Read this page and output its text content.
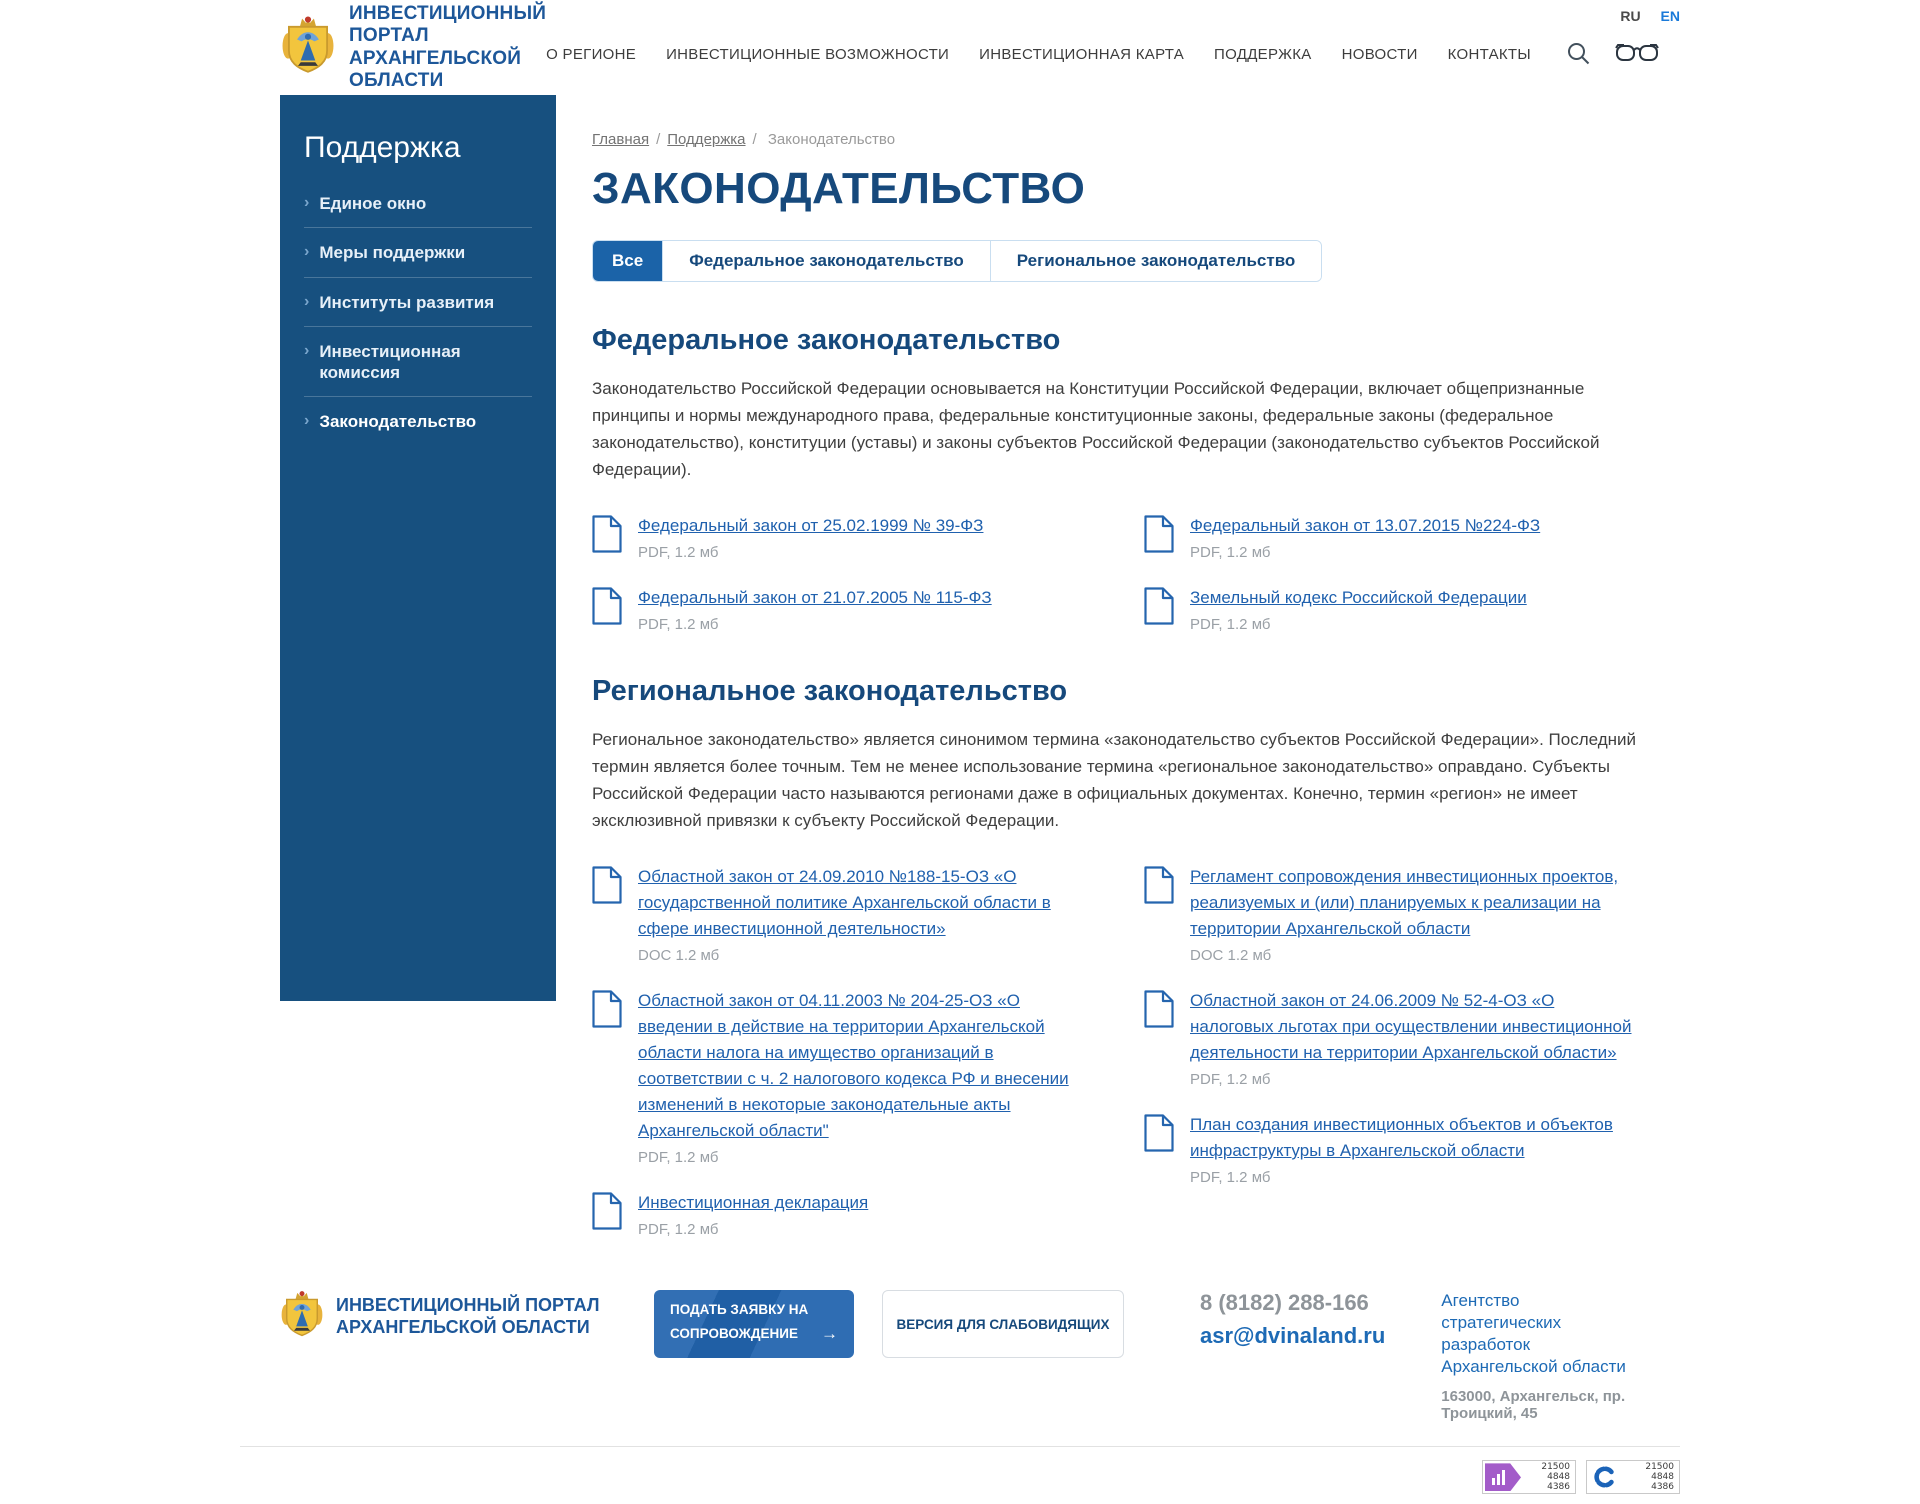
ИНВЕСТИЦИОННЫЙ ПОРТАЛ
АРХАНГЕЛЬСКОЙ ОБЛАСТИ
О РЕГИОНЕ ИНВЕСТИЦИОННЫЕ ВОЗМОЖНОСТИ ИНВЕСТИЦИОННАЯ КАРТА ПОДДЕРЖКА НОВОСТИ КОНТАКТЫ
RU EN
Поддержка
› Единое окно
› Меры поддержки
› Институты развития
› Инвестиционная комиссия
› Законодательство
Главная / Поддержка / Законодательство
ЗАКОНОДАТЕЛЬСТВО
Все	Федеральное законодательство	Региональное законодательство
Федеральное законодательство

Законодательство Российской Федерации основывается на Конституции Российской Федерации, включает общепризнанные принципы и нормы международного права, федеральные конституционные законы, федеральные законы (федеральное законодательство), конституции (уставы) и законы субъектов Российской Федерации (законодательство субъектов Российской Федерации).

Федеральный закон от 25.02.1999 № 39-ФЗ
PDF, 1.2 мб
Федеральный закон от 21.07.2005 № 115-ФЗ
PDF, 1.2 мб
Федеральный закон от 13.07.2015 №224-ФЗ
PDF, 1.2 мб
Земельный кодекс Российской Федерации
PDF, 1.2 мб
Региональное законодательство

Региональное законодательство» является синонимом термина «законодательство субъектов Российской Федерации». Последний термин является более точным. Тем не менее использование термина «региональное законодательство» оправдано. Субъекты Российской Федерации часто называются регионами даже в официальных документах. Конечно, термин «регион» не имеет эксклюзивной привязки к субъекту Российской Федерации.

Областной закон от 24.09.2010 №188-15-ОЗ «О государственной политике Архангельской области в сфере инвестиционной деятельности»
DOC 1.2 мб
Областной закон от 04.11.2003 № 204-25-ОЗ «О введении в действие на территории Архангельской области налога на имущество организаций в соответствии с ч. 2 налогового кодекса РФ и внесении изменений в некоторые законодательные акты Архангельской области"
PDF, 1.2 мб
Инвестиционная декларация
PDF, 1.2 мб
Регламент сопровождения инвестиционных проектов, реализуемых и (или) планируемых к реализации на территории Архангельской области
DOC 1.2 мб
Областной закон от 24.06.2009 № 52-4-ОЗ «О налоговых льготах при осуществлении инвестиционной деятельности на территории Архангельской области»
PDF, 1.2 мб
План создания инвестиционных объектов и объектов инфраструктуры в Архангельской области
PDF, 1.2 мб
ИНВЕСТИЦИОННЫЙ ПОРТАЛ
АРХАНГЕЛЬСКОЙ ОБЛАСТИ
ПОДАТЬ ЗАЯВКУ НА
СОПРОВОЖДЕНИЕ →
ВЕРСИЯ ДЛЯ СЛАБОВИДЯЩИХ
8 (8182) 288-166
asr@dvinaland.ru
Агентство стратегических разработок
Архангельской области
163000, Архангельск, пр. Троицкий, 45
21500
4848
4386
21500
4848
4386
